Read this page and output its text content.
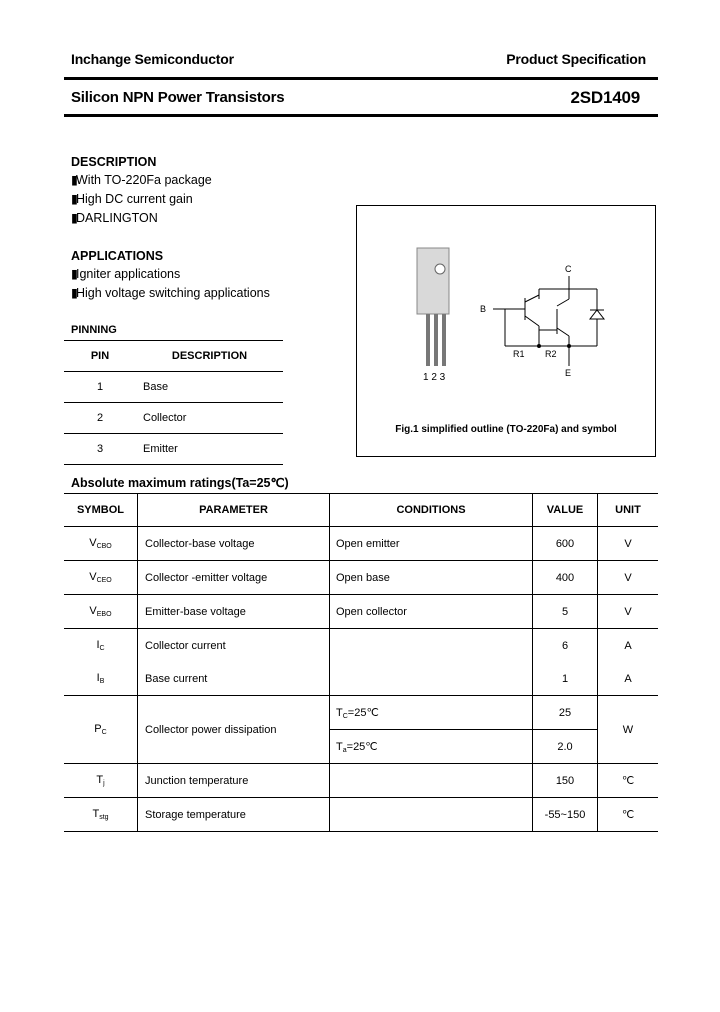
Inchange Semiconductor	Product Specification
Silicon NPN Power Transistors	2SD1409
DESCRIPTION
▮With TO-220Fa package
▮High DC current gain
▮DARLINGTON
APPLICATIONS
▮Igniter applications
▮High voltage switching applications
PINNING
PIN	DESCRIPTION
1	Base
2	Collector
3	Emitter
1 2 3
C
B
E
R1 R2
Fig.1 simplified outline (TO-220Fa) and symbol
Absolute maximum ratings(Ta=25℃)
SYMBOL	PARAMETER	CONDITIONS	VALUE	UNIT
$V_{CBO}$	Collector-base voltage	Open emitter	600	V
$V_{CEO}$	Collector -emitter voltage	Open base	400	V
$V_{EBO}$	Emitter-base voltage	Open collector	5	V
$I_C$	Collector current		6	A
$I_B$	Base current		1	A
$P_C$	Collector power dissipation	$T_C=25℃$	25	W
		$T_a=25℃$	2.0	
$T_j$	Junction temperature		150	℃
$T_{stg}$	Storage temperature		-55~150	℃
